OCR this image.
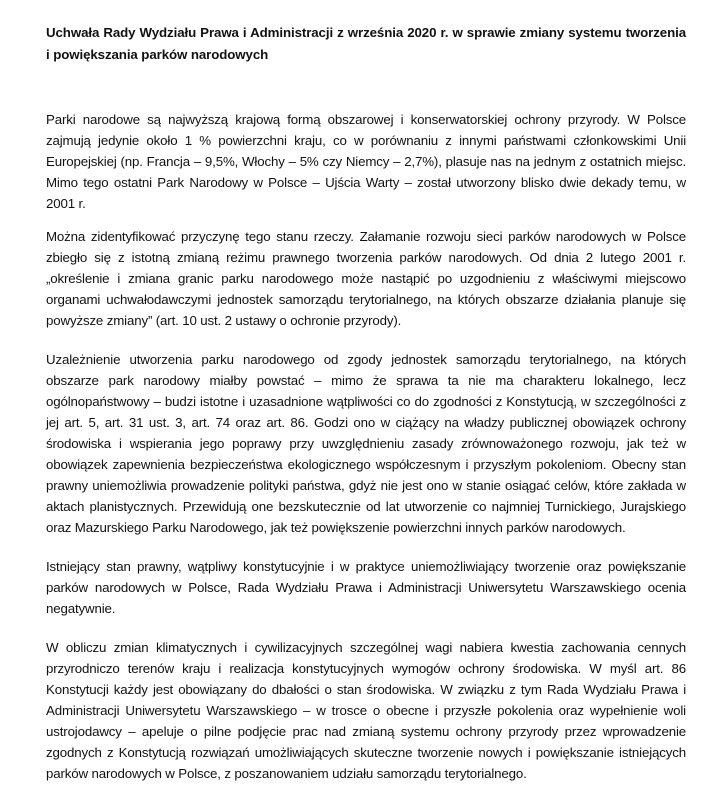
Uchwała Rady Wydziału Prawa i Administracji z września 2020 r. w sprawie zmiany systemu tworzenia i powiększania parków narodowych

Parki narodowe są najwyższą krajową formą obszarowej i konserwatorskiej ochrony przyrody. W Polsce zajmują jedynie około 1 % powierzchni kraju, co w porównaniu z innymi państwami członkowskimi Unii Europejskiej (np. Francja – 9,5%, Włochy – 5% czy Niemcy – 2,7%), plasuje nas na jednym z ostatnich miejsc. Mimo tego ostatni Park Narodowy w Polsce – Ujścia Warty – został utworzony blisko dwie dekady temu, w 2001 r.

Można zidentyfikować przyczynę tego stanu rzeczy. Załamanie rozwoju sieci parków narodowych w Polsce zbiegło się z istotną zmianą reżimu prawnego tworzenia parków narodowych. Od dnia 2 lutego 2001 r. „określenie i zmiana granic parku narodowego może nastąpić po uzgodnieniu z właściwymi miejscowo organami uchwałodawczymi jednostek samorządu terytorialnego, na których obszarze działania planuje się powyższe zmiany” (art. 10 ust. 2 ustawy o ochronie przyrody).

Uzależnienie utworzenia parku narodowego od zgody jednostek samorządu terytorialnego, na których obszarze park narodowy miałby powstać – mimo że sprawa ta nie ma charakteru lokalnego, lecz ogólnopaństwowy – budzi istotne i uzasadnione wątpliwości co do zgodności z Konstytucją, w szczególności z jej art. 5, art. 31 ust. 3, art. 74 oraz art. 86. Godzi ono w ciążący na władzy publicznej obowiązek ochrony środowiska i wspierania jego poprawy przy uwzględnieniu zasady zrównoważonego rozwoju, jak też w obowiązek zapewnienia bezpieczeństwa ekologicznego współczesnym i przyszłym pokoleniom. Obecny stan prawny uniemożliwia prowadzenie polityki państwa, gdyż nie jest ono w stanie osiągać celów, które zakłada w aktach planistycznych. Przewidują one bezskutecznie od lat utworzenie co najmniej Turnickiego, Jurajskiego oraz Mazurskiego Parku Narodowego, jak też powiększenie powierzchni innych parków narodowych.

Istniejący stan prawny, wątpliwy konstytucyjnie i w praktyce uniemożliwiający tworzenie oraz powiększanie parków narodowych w Polsce, Rada Wydziału Prawa i Administracji Uniwersytetu Warszawskiego ocenia negatywnie.

W obliczu zmian klimatycznych i cywilizacyjnych szczególnej wagi nabiera kwestia zachowania cennych przyrodniczo terenów kraju i realizacja konstytucyjnych wymogów ochrony środowiska. W myśl art. 86 Konstytucji każdy jest obowiązany do dbałości o stan środowiska. W związku z tym Rada Wydziału Prawa i Administracji Uniwersytetu Warszawskiego – w trosce o obecne i przyszłe pokolenia oraz wypełnienie woli ustrojodawcy – apeluje o pilne podjęcie prac nad zmianą systemu ochrony przyrody przez wprowadzenie zgodnych z Konstytucją rozwiązań umożliwiających skuteczne tworzenie nowych i powiększanie istniejących parków narodowych w Polsce, z poszanowaniem udziału samorządu terytorialnego.
